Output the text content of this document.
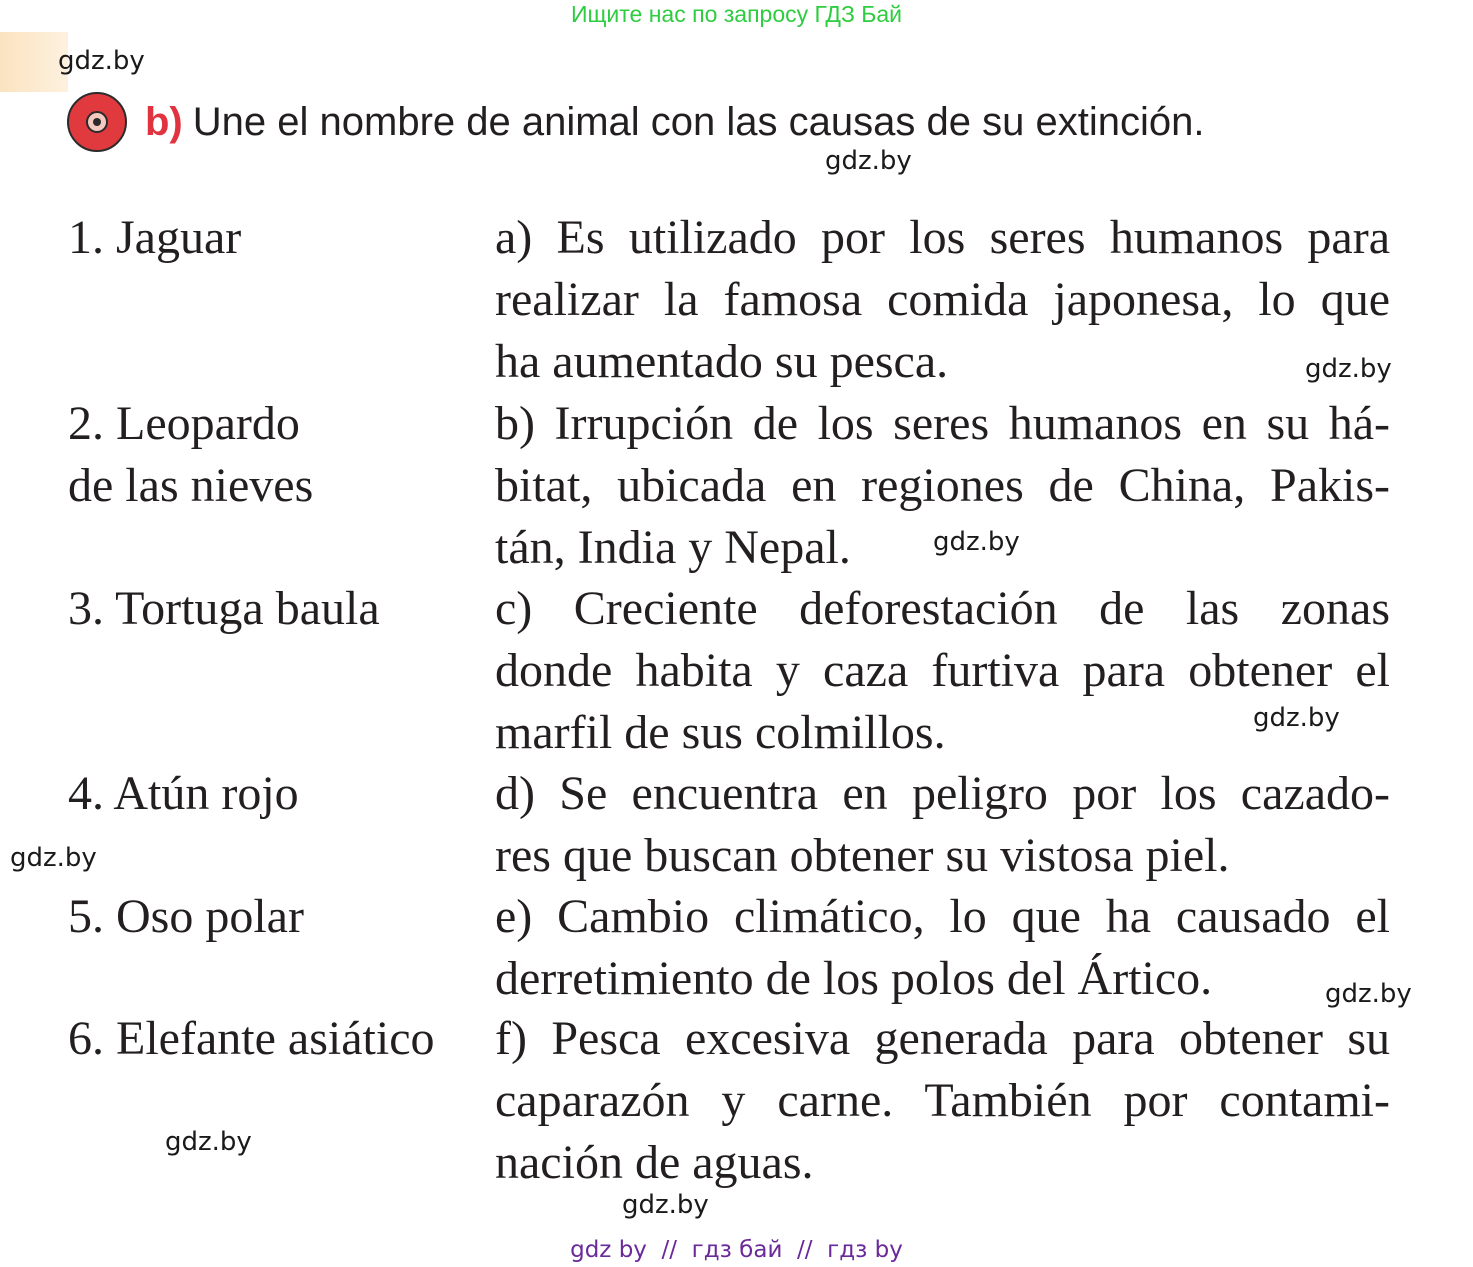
Ищите нас по запросу ГДЗ Бай
gdz.by
gdz.by
gdz.by
gdz.by
gdz.by
gdz.by
gdz.by
gdz.by
gdz.by
b) Une el nombre de animal con las causas de su extinción.
1. Jaguar
2. Leopardo
de las nieves
3. Tortuga baula
4. Atún rojo
5. Oso polar
6. Elefante asiático
a) Es utilizado por los seres humanos para
realizar la famosa comida japonesa, lo que
ha aumentado su pesca.
b) Irrupción de los seres humanos en su há-
bitat, ubicada en regiones de China, Pakis-
tán, India y Nepal.
c) Creciente deforestación de las zonas
donde habita y caza furtiva para obtener el
marfil de sus colmillos.
d) Se encuentra en peligro por los cazado-
res que buscan obtener su vistosa piel.
e) Cambio climático, lo que ha causado el
derretimiento de los polos del Ártico.
f) Pesca excesiva generada para obtener su
caparazón y carne. También por contami-
nación de aguas.
gdz by  //  гдз бай  //  гдз by
